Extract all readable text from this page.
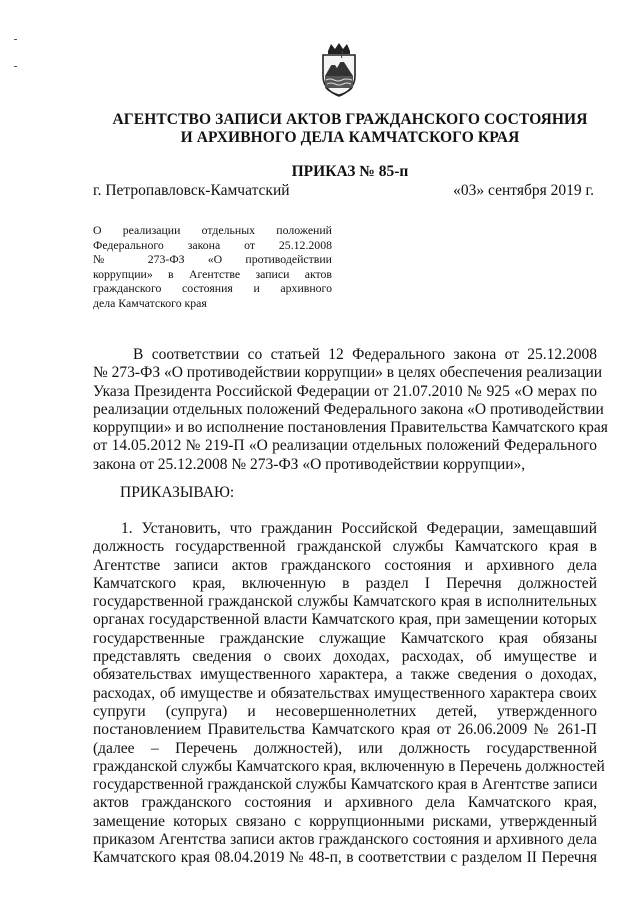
АГЕНТСТВО ЗАПИСИ АКТОВ ГРАЖДАНСКОГО СОСТОЯНИЯ
И АРХИВНОГО ДЕЛА КАМЧАТСКОГО КРАЯ
ПРИКАЗ № 85-п
г. Петропавловск-Камчатский	«03» сентября 2019 г.
О реализации отдельных положений
Федерального закона от 25.12.2008
№ 273-ФЗ «О противодействии
коррупции» в Агентстве записи актов
гражданского состояния и архивного
дела Камчатского края
В соответствии со статьей 12 Федерального закона от 25.12.2008
№ 273-ФЗ «О противодействии коррупции» в целях обеспечения реализации
Указа Президента Российской Федерации от 21.07.2010 № 925 «О мерах по
реализации отдельных положений Федерального закона «О противодействии
коррупции» и во исполнение постановления Правительства Камчатского края
от 14.05.2012 № 219-П «О реализации отдельных положений Федерального
закона от 25.12.2008 № 273-ФЗ «О противодействии коррупции»,
ПРИКАЗЫВАЮ:
1. Установить, что гражданин Российской Федерации, замещавший
должность государственной гражданской службы Камчатского края в
Агентстве записи актов гражданского состояния и архивного дела
Камчатского края, включенную в раздел I Перечня должностей
государственной гражданской службы Камчатского края в исполнительных
органах государственной власти Камчатского края, при замещении которых
государственные гражданские служащие Камчатского края обязаны
представлять сведения о своих доходах, расходах, об имуществе и
обязательствах имущественного характера, а также сведения о доходах,
расходах, об имуществе и обязательствах имущественного характера своих
супруги (супруга) и несовершеннолетних детей, утвержденного
постановлением Правительства Камчатского края от 26.06.2009 № 261-П
(далее – Перечень должностей), или должность государственной
гражданской службы Камчатского края, включенную в Перечень должностей
государственной гражданской службы Камчатского края в Агентстве записи
актов гражданского состояния и архивного дела Камчатского края,
замещение которых связано с коррупционными рисками, утвержденный
приказом Агентства записи актов гражданского состояния и архивного дела
Камчатского края 08.04.2019 № 48-п, в соответствии с разделом II Перечня
